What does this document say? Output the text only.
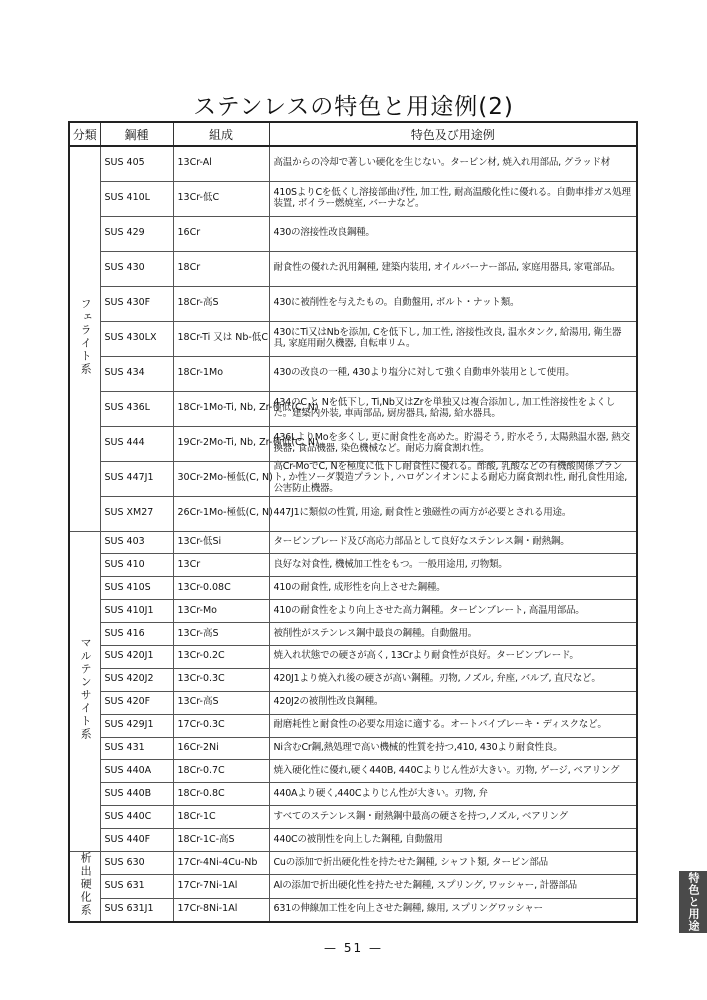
ステンレスの特色と用途例(2)
分類	鋼種	組成	特色及び用途例
フェライト系	SUS 405	13Cr-Al	高温からの冷却で著しい硬化を生じない。タービン材, 焼入れ用部品, グラッド材
	SUS 410L	13Cr-低C	410SよりCを低くし溶接部曲げ性, 加工性, 耐高温酸化性に優れる。自動車排ガス処理装置, ボイラー燃焼室, バーナなど。
	SUS 429	16Cr	430の溶接性改良鋼種。
	SUS 430	18Cr	耐食性の優れた汎用鋼種, 建築内装用, オイルバーナー部品, 家庭用器具, 家電部品。
	SUS 430F	18Cr-高S	430に被削性を与えたもの。自動盤用, ボルト・ナット類。
	SUS 430LX	18Cr-Ti 又は Nb-低C	430にTi又はNbを添加, Cを低下し, 加工性, 溶接性改良, 温水タンク, 給湯用, 衛生器具, 家庭用耐久機器, 自転車リム。
	SUS 434	18Cr-1Mo	430の改良の一種, 430より塩分に対して強く自動車外装用として使用。
	SUS 436L	18Cr-1Mo-Ti, Nb, Zr-極低(C, N)	434のC と Nを低下し, Ti,Nb又はZrを単独又は複合添加し, 加工性溶接性をよくした。建築内外装, 車両部品, 厨房器具, 給湯, 給水器具。
	SUS 444	19Cr-2Mo-Ti, Nb, Zr-極低(C, N)	436LよりMoを多くし, 更に耐食性を高めた。貯湯そう, 貯水そう, 太陽熱温水器, 熱交換器, 食品機器, 染色機械など。耐応力腐食割れ性。
	SUS 447J1	30Cr-2Mo-極低(C, N)	高Cr-MoでC, Nを極度に低下し耐食性に優れる。酢酸, 乳酸などの有機酸関係プラント, か性ソーダ製造プラント, ハロゲンイオンによる耐応力腐食割れ性, 耐孔食性用途, 公害防止機器。
	SUS XM27	26Cr-1Mo-極低(C, N)	447J1に類似の性質, 用途, 耐食性と強磁性の両方が必要とされる用途。
マルテンサイト系	SUS 403	13Cr-低Si	タービンブレード及び高応力部品として良好なステンレス鋼・耐熱鋼。
	SUS 410	13Cr	良好な対食性, 機械加工性をもつ。一般用途用, 刃物類。
	SUS 410S	13Cr-0.08C	410の耐食性, 成形性を向上させた鋼種。
	SUS 410J1	13Cr-Mo	410の耐食性をより向上させた高力鋼種。タービンブレート, 高温用部品。
	SUS 416	13Cr-高S	被削性がステンレス鋼中最良の鋼種。自動盤用。
	SUS 420J1	13Cr-0.2C	焼入れ状態での硬さが高く, 13Crより耐食性が良好。タービンブレード。
	SUS 420J2	13Cr-0.3C	420J1より焼入れ後の硬さが高い鋼種。刃物, ノズル, 弁座, バルブ, 直尺など。
	SUS 420F	13Cr-高S	420J2の被削性改良鋼種。
	SUS 429J1	17Cr-0.3C	耐磨耗性と耐食性の必要な用途に適する。オートバイブレーキ・ディスクなど。
	SUS 431	16Cr-2Ni	Ni含むCr鋼,熱処理で高い機械的性質を持つ,410, 430より耐食性良。
	SUS 440A	18Cr-0.7C	焼入硬化性に優れ,硬く440B, 440Cよりじん性が大きい。刃物, ゲージ, ベアリング
	SUS 440B	18Cr-0.8C	440Aより硬く,440Cよりじん性が大きい。刃物, 弁
	SUS 440C	18Cr-1C	すべてのステンレス鋼・耐熱鋼中最高の硬さを持つ,ノズル, ベアリング
	SUS 440F	18Cr-1C-高S	440Cの被削性を向上した鋼種, 自動盤用
析出硬化系	SUS 630	17Cr-4Ni-4Cu-Nb	Cuの添加で折出硬化性を持たせた鋼種, シャフト類, タービン部品
	SUS 631	17Cr-7Ni-1Al	Alの添加で折出硬化性を持たせた鋼種, スプリング, ワッシャー, 計器部品
	SUS 631J1	17Cr-8Ni-1Al	631の伸線加工性を向上させた鋼種, 線用, スプリングワッシャー	特色と用途
— 51 —
